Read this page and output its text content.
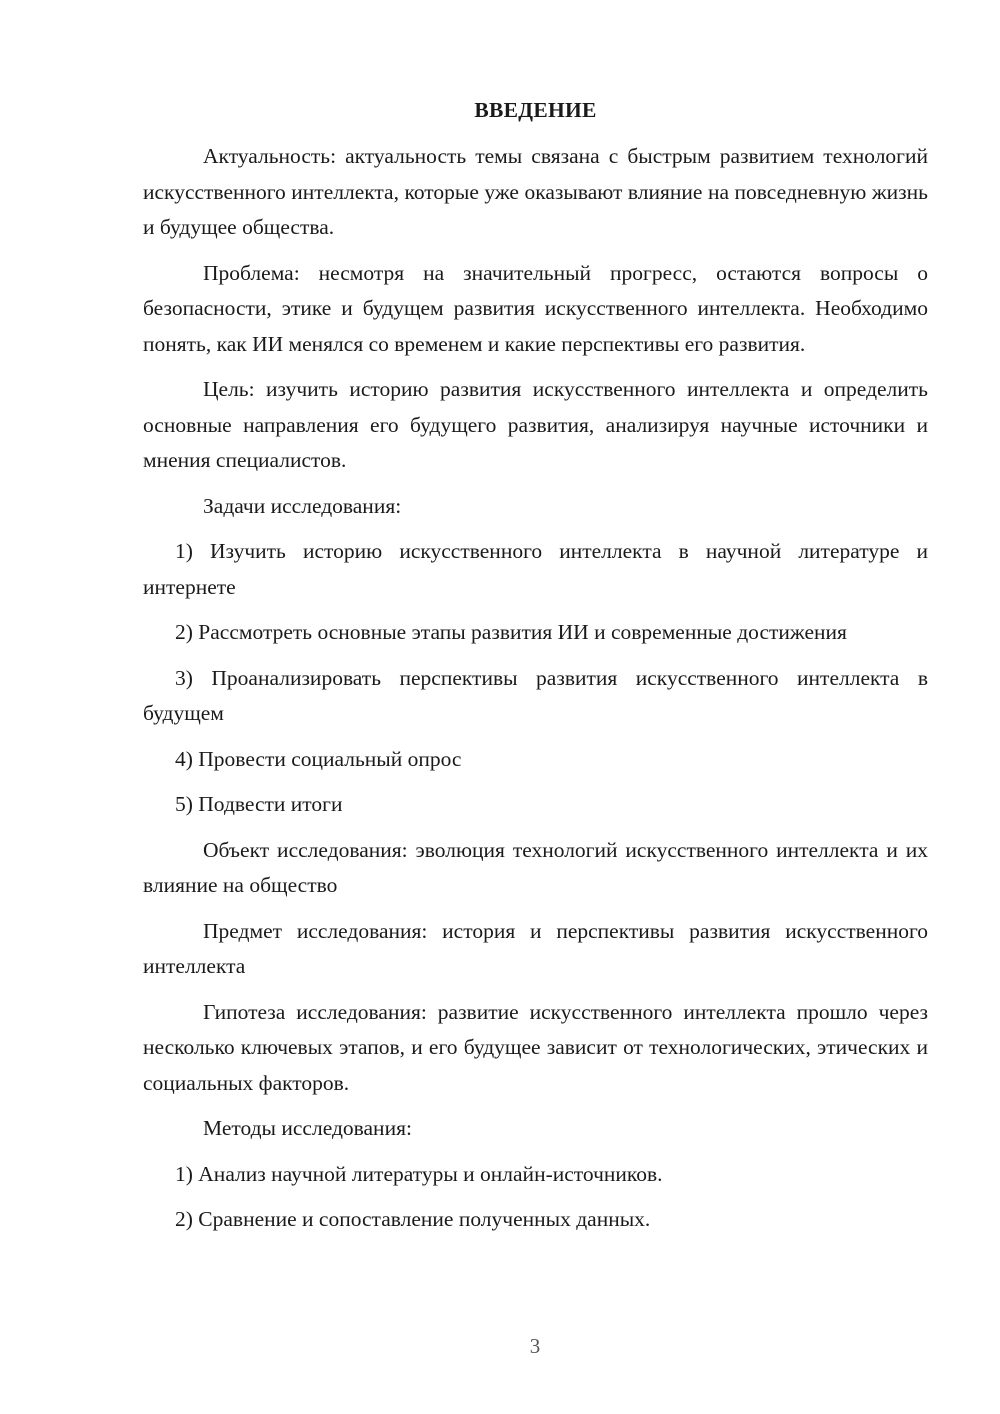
ВВЕДЕНИЕ

Актуальность: актуальность темы связана с быстрым развитием технологий искусственного интеллекта, которые уже оказывают влияние на повседневную жизнь и будущее общества.

Проблема: несмотря на значительный прогресс, остаются вопросы о безопасности, этике и будущем развития искусственного интеллекта. Необходимо понять, как ИИ менялся со временем и какие перспективы его развития.

Цель: изучить историю развития искусственного интеллекта и определить основные направления его будущего развития, анализируя научные источники и мнения специалистов.

Задачи исследования:

1) Изучить историю искусственного интеллекта в научной литературе и интернете

2) Рассмотреть основные этапы развития ИИ и современные достижения

3) Проанализировать перспективы развития искусственного интеллекта в будущем

4) Провести социальный опрос

5) Подвести итоги

Объект исследования: эволюция технологий искусственного интеллекта и их влияние на общество

Предмет исследования: история и перспективы развития искусственного интеллекта

Гипотеза исследования: развитие искусственного интеллекта прошло через несколько ключевых этапов, и его будущее зависит от технологических, этических и социальных факторов.

Методы исследования:

1) Анализ научной литературы и онлайн-источников.

2) Сравнение и сопоставление полученных данных.

3
